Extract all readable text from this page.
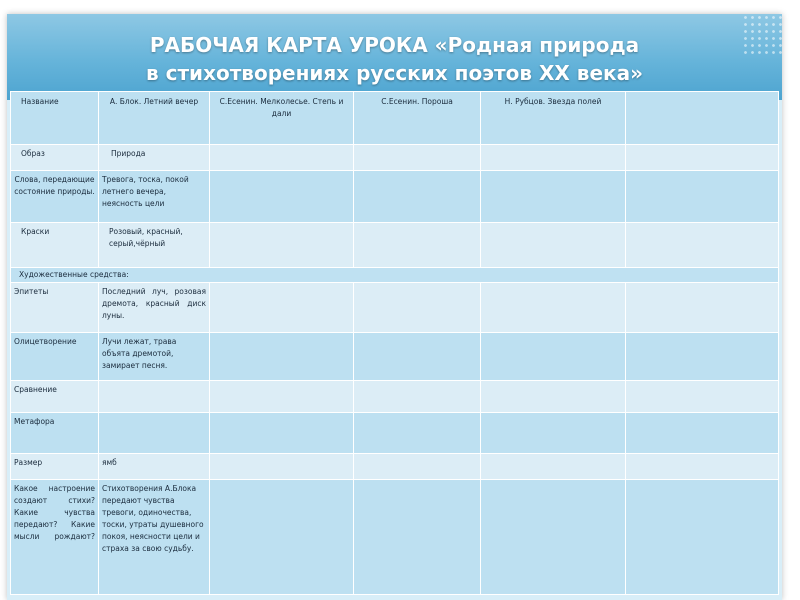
РАБОЧАЯ КАРТА УРОКА «Родная природа
в стихотворениях русских поэтов XX века»
Название	А. Блок. Летний вечер	С.Есенин. Мелколесье. Степь и дали	С.Есенин. Пороша	Н. Рубцов. Звезда полей	
Образ	Природа				
Слова, передающие состояние природы.	Тревога, тоска, покой летнего вечера, неясность цели				
Краски	Розовый, красный, серый,чёрный				
Художественные средства:					
Эпитеты	Последний луч, розовая дремота, красный диск луны.				
Олицетворение	Лучи лежат, трава объята дремотой, замирает песня.				
Сравнение					
Метафора					
Размер	ямб				
Какое настроение создают стихи? Какие чувства передают? Какие мысли рождают?	Стихотворения А.Блока передают чувства тревоги, одиночества, тоски, утраты душевного покоя, неясности цели и страха за свою судьбу.				
